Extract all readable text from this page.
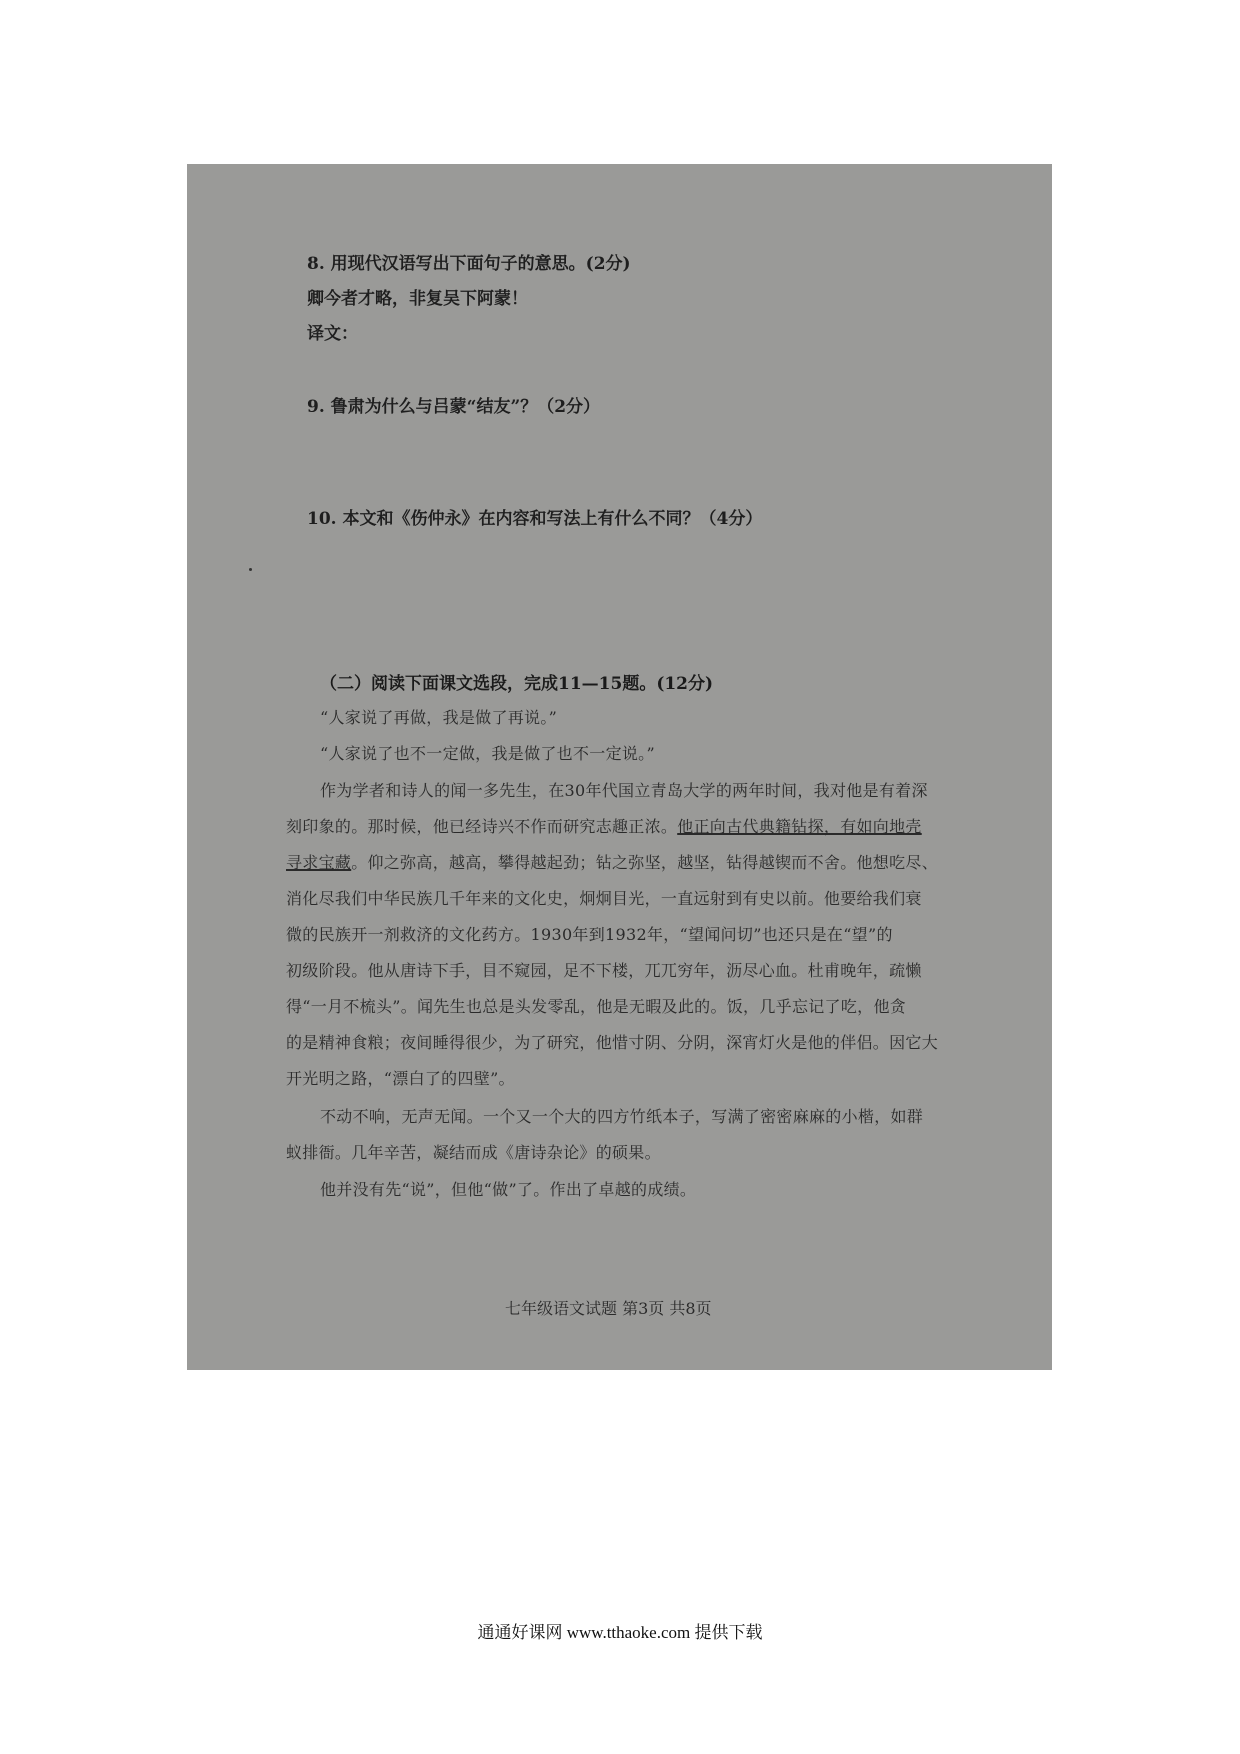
8. 用现代汉语写出下面句子的意思。(2分)
卿今者才略，非复吴下阿蒙！
译文：
9. 鲁肃为什么与吕蒙“结友”？（2分）
10. 本文和《伤仲永》在内容和写法上有什么不同？（4分）
（二）阅读下面课文选段，完成11—15题。(12分)
“人家说了再做，我是做了再说。”
“人家说了也不一定做，我是做了也不一定说。”
作为学者和诗人的闻一多先生，在30年代国立青岛大学的两年时间，我对他是有着深
刻印象的。那时候，他已经诗兴不作而研究志趣正浓。他正向古代典籍钻探，有如向地壳
寻求宝藏。仰之弥高，越高，攀得越起劲；钻之弥坚，越坚，钻得越锲而不舍。他想吃尽、
消化尽我们中华民族几千年来的文化史，炯炯目光，一直远射到有史以前。他要给我们衰
微的民族开一剂救济的文化药方。1930年到1932年，“望闻问切”也还只是在“望”的
初级阶段。他从唐诗下手，目不窥园，足不下楼，兀兀穷年，沥尽心血。杜甫晚年，疏懒
得“一月不梳头”。闻先生也总是头发零乱，他是无暇及此的。饭，几乎忘记了吃，他贪
的是精神食粮；夜间睡得很少，为了研究，他惜寸阴、分阴，深宵灯火是他的伴侣。因它大
开光明之路，“漂白了的四壁”。
不动不响，无声无闻。一个又一个大的四方竹纸本子，写满了密密麻麻的小楷，如群
蚁排衙。几年辛苦，凝结而成《唐诗杂论》的硕果。
他并没有先“说”，但他“做”了。作出了卓越的成绩。
七年级语文试题 第3页 共8页
通通好课网 www.tthaoke.com 提供下载
